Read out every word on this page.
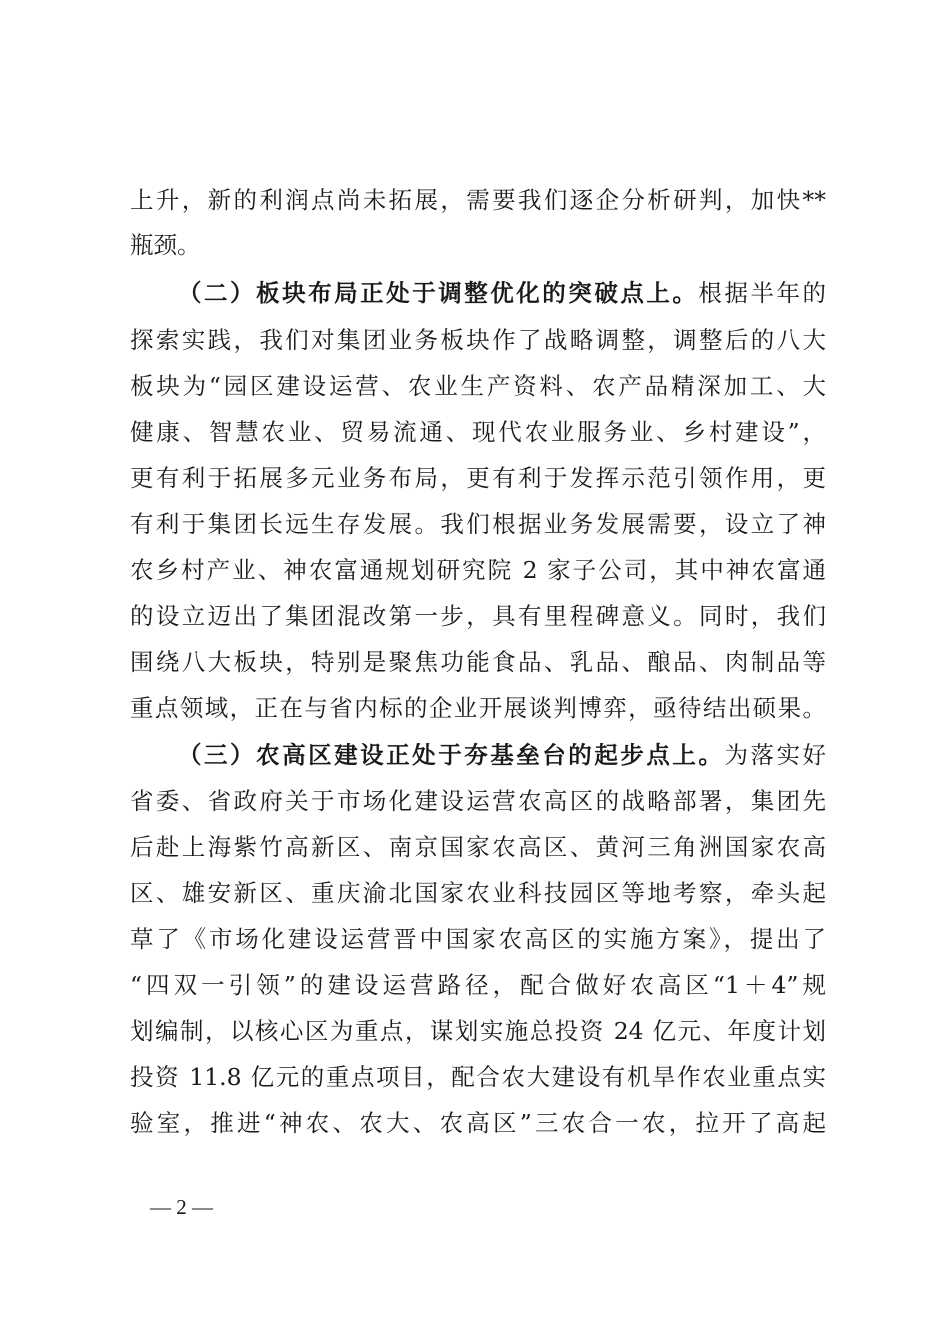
上升，新的利润点尚未拓展，需要我们逐企分析研判，加快**
瓶颈。
（二）板块布局正处于调整优化的突破点上。根据半年的
探索实践，我们对集团业务板块作了战略调整，调整后的八大
板块为“园区建设运营、农业生产资料、农产品精深加工、大
健康、智慧农业、贸易流通、现代农业服务业、乡村建设”，
更有利于拓展多元业务布局，更有利于发挥示范引领作用，更
有利于集团长远生存发展。我们根据业务发展需要，设立了神
农乡村产业、神农富通规划研究院 2 家子公司，其中神农富通
的设立迈出了集团混改第一步，具有里程碑意义。同时，我们
围绕八大板块，特别是聚焦功能食品、乳品、酿品、肉制品等
重点领域，正在与省内标的企业开展谈判博弈，亟待结出硕果。
（三）农高区建设正处于夯基垒台的起步点上。为落实好
省委、省政府关于市场化建设运营农高区的战略部署，集团先
后赴上海紫竹高新区、南京国家农高区、黄河三角洲国家农高
区、雄安新区、重庆渝北国家农业科技园区等地考察，牵头起
草了《市场化建设运营晋中国家农高区的实施方案》，提出了
“四双一引领”的建设运营路径，配合做好农高区“1＋4”规
划编制，以核心区为重点，谋划实施总投资 24 亿元、年度计划
投资 11.8 亿元的重点项目，配合农大建设有机旱作农业重点实
验室，推进“神农、农大、农高区”三农合一农，拉开了高起
— 2 —
